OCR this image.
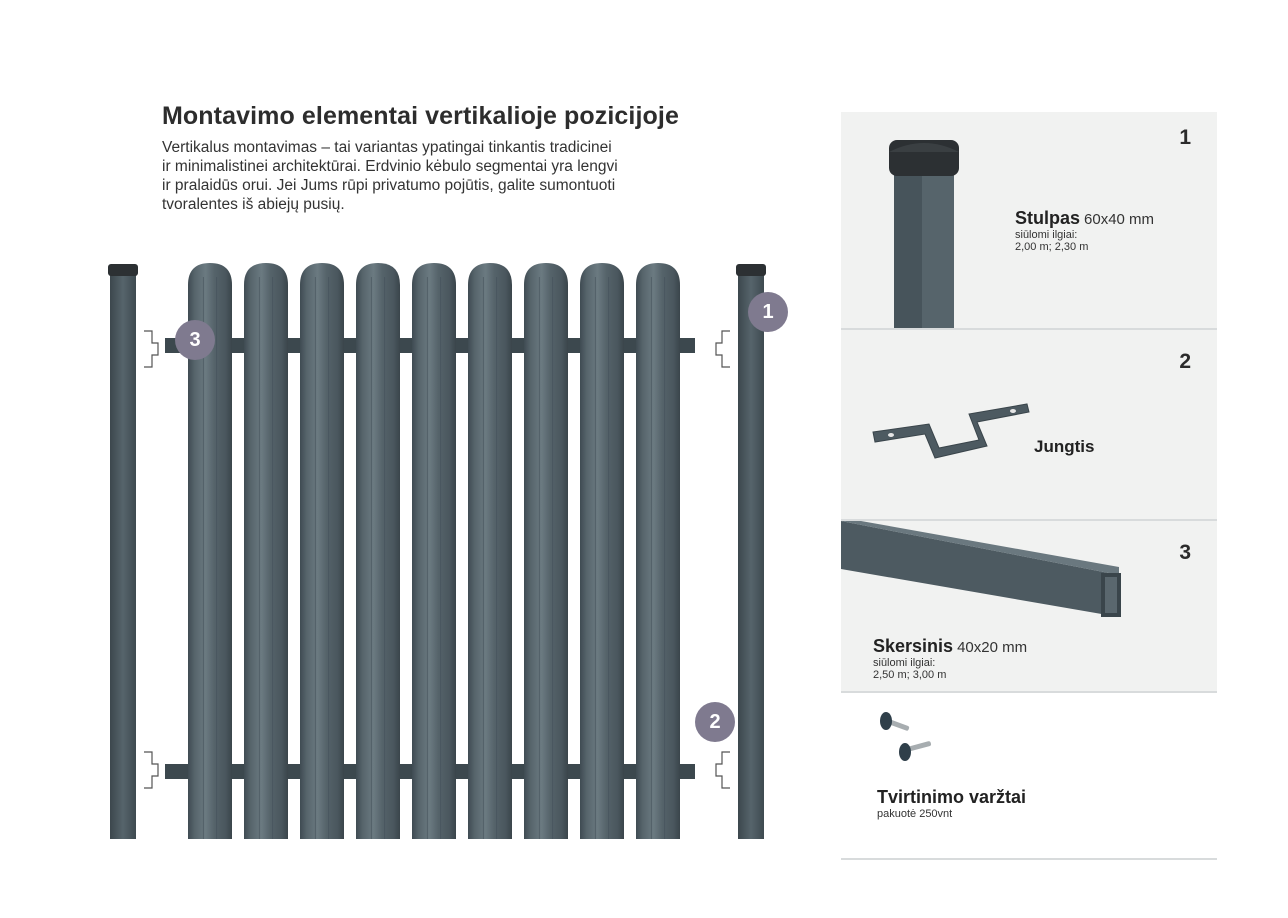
Montavimo elementai vertikalioje pozicijoje
Vertikalus montavimas – tai variantas ypatingai tinkantis tradicinei
ir minimalistinei architektūrai. Erdvinio kėbulo segmentai yra lengvi
ir pralaidūs orui. Jei Jums rūpi privatumo pojūtis, galite sumontuoti
tvoralentes iš abiejų pusių.
1
2
3
1
Stulpas 60x40 mm
siūlomi ilgiai:
2,00 m; 2,30 m
2
Jungtis
3
Skersinis 40x20 mm
siūlomi ilgiai:
2,50 m; 3,00 m
Tvirtinimo varžtai
pakuotė 250vnt
